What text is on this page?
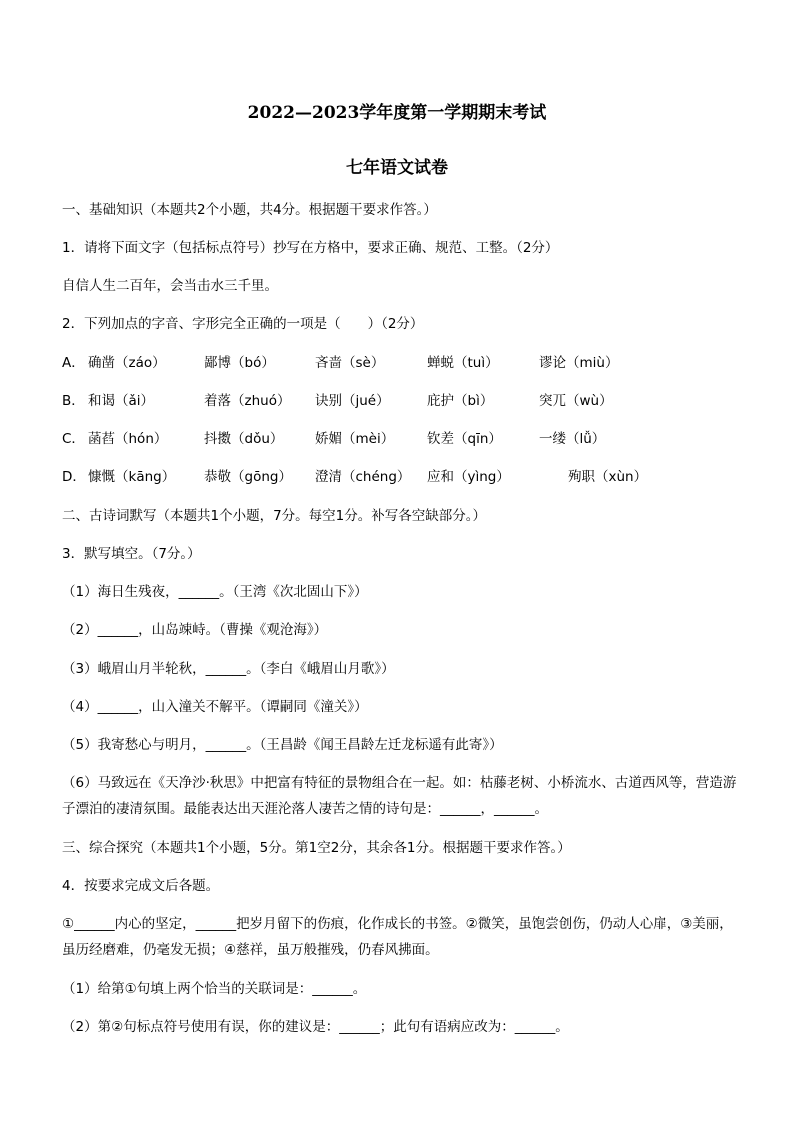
2022—2023学年度第一学期期末考试
七年语文试卷
一、基础知识（本题共2个小题，共4分。根据题干要求作答。）
1．请将下面文字（包括标点符号）抄写在方格中，要求正确、规范、工整。（2分）
自信人生二百年，会当击水三千里。
2．下列加点的字音、字形完全正确的一项是（　　）（2分）
A． 确凿（záo）	鄙博（bó）	吝啬（sè）	蝉蜕（tuì）	谬论（miù）
B． 和谒（ǎi）	着落（zhuó） 诀别（jué）	庇护（bì）	突兀（wù）
C． 菡萏（hón）	抖擞（dǒu） 娇媚（mèi） 钦差（qīn）	一缕（lǚ）
D． 慷慨（kāng） 恭敬（gōng） 澄清（chéng） 应和（yìng）	殉职（xùn）
二、古诗词默写（本题共1个小题，7分。每空1分。补写各空缺部分。）
3．默写填空。（7分。）
（1）海日生残夜，______。（王湾《次北固山下》）
（2）______，山岛竦峙。（曹操《观沧海》）
（3）峨眉山月半轮秋，______。（李白《峨眉山月歌》）
（4）______，山入潼关不解平。（谭嗣同《潼关》）
（5）我寄愁心与明月，______。（王昌龄《闻王昌龄左迁龙标遥有此寄》）
（6）马致远在《天净沙·秋思》中把富有特征的景物组合在一起。如：枯藤老树、小桥流水、古道西风等，营造游子漂泊的凄清氛围。最能表达出天涯沦落人凄苦之情的诗句是：______，______。
三、综合探究（本题共1个小题，5分。第1空2分，其余各1分。根据题干要求作答。）
4．按要求完成文后各题。
①______内心的坚定，______把岁月留下的伤痕，化作成长的书签。②微笑，虽饱尝创伤，仍动人心扉，③美丽，虽历经磨难，仍毫发无损；④慈祥，虽万般摧残，仍春风拂面。
（1）给第①句填上两个恰当的关联词是：______。
（2）第②句标点符号使用有误，你的建议是：______；此句有语病应改为：______。
